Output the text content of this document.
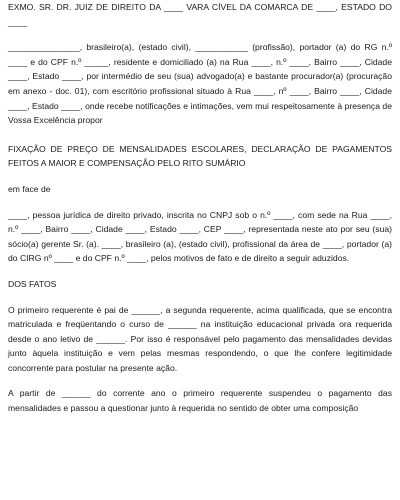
EXMO. SR. DR. JUIZ DE DIREITO DA ____ VARA CÍVEL DA COMARCA DE ____, ESTADO DO ____

_______________, brasileiro(a), (estado civil), ___________ (profissão), portador (a) do RG n.º ____ e do CPF n.º _____, residente e domiciliado (a) na Rua ____, n.º ____, Bairro ____, Cidade ____, Estado ____, por intermédio de seu (sua) advogado(a) e bastante procurador(a) (procuração em anexo - doc. 01), com escritório profissional situado à Rua ____, nº ____, Bairro ____, Cidade ____, Estado ____, onde recebe notificações e intimações, vem mui respeitosamente à presença de Vossa Excelência propor

FIXAÇÃO DE PREÇO DE MENSALIDADES ESCOLARES, DECLARAÇÃO DE PAGAMENTOS FEITOS A MAIOR E COMPENSAÇÃO PELO RITO SUMÁRIO

em face de

____, pessoa jurídica de direito privado, inscrita no CNPJ sob o n.º ____, com sede na Rua ____, n.º ____, Bairro ____, Cidade ____, Estado ____, CEP ____, representada neste ato por seu (sua) sócio(a) gerente Sr. (a). ____, brasileiro (a), (estado civil), profissional da área de ____, portador (a) do CIRG nº ____ e do CPF n.º ____, pelos motivos de fato e de direito a seguir aduzidos.

DOS FATOS

O primeiro requerente é pai de ______, a segunda requerente, acima qualificada, que se encontra matriculada e freqüentando o curso de ______ na instituição educacional privada ora requerida desde o ano letivo de ______. Por isso é responsável pelo pagamento das mensalidades devidas junto àquela instituição e vem pelas mesmas respondendo, o que lhe confere legitimidade concorrente para postular na presente ação.

A partir de ______ do corrente ano o primeiro requerente suspendeu o pagamento das mensalidades e passou a questionar junto à requerida no sentido de obter uma composição
